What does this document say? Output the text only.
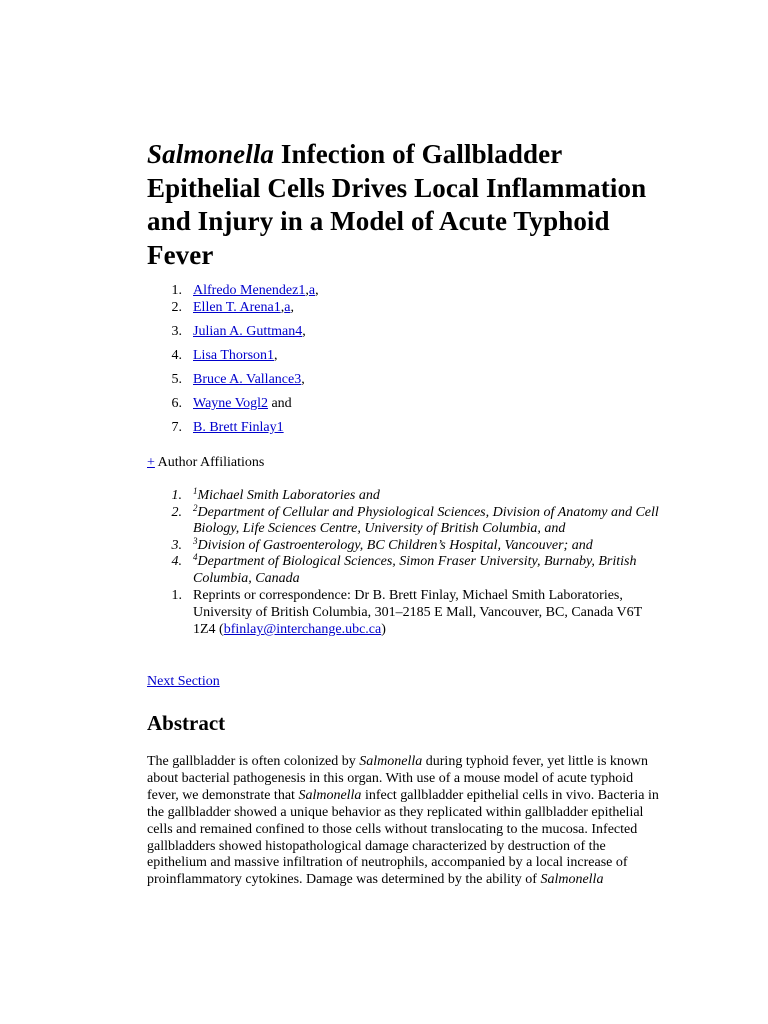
Salmonella Infection of Gallbladder Epithelial Cells Drives Local Inflammation and Injury in a Model of Acute Typhoid Fever
1. Alfredo Menendez1,a,
2. Ellen T. Arena1,a,
3. Julian A. Guttman4,
4. Lisa Thorson1,
5. Bruce A. Vallance3,
6. Wayne Vogl2 and
7. B. Brett Finlay1
+ Author Affiliations
1. $^1$Michael Smith Laboratories and
2. $^2$Department of Cellular and Physiological Sciences, Division of Anatomy and Cell Biology, Life Sciences Centre, University of British Columbia, and
3. $^3$Division of Gastroenterology, BC Children’s Hospital, Vancouver; and
4. $^4$Department of Biological Sciences, Simon Fraser University, Burnaby, British Columbia, Canada
1. Reprints or correspondence: Dr B. Brett Finlay, Michael Smith Laboratories, University of British Columbia, 301–2185 E Mall, Vancouver, BC, Canada V6T 1Z4 (bfinlay@interchange.ubc.ca)
Next Section
Abstract

The gallbladder is often colonized by Salmonella during typhoid fever, yet little is known about bacterial pathogenesis in this organ. With use of a mouse model of acute typhoid fever, we demonstrate that Salmonella infect gallbladder epithelial cells in vivo. Bacteria in the gallbladder showed a unique behavior as they replicated within gallbladder epithelial cells and remained confined to those cells without translocating to the mucosa. Infected gallbladders showed histopathological damage characterized by destruction of the epithelium and massive infiltration of neutrophils, accompanied by a local increase of proinflammatory cytokines. Damage was determined by the ability of Salmonella
